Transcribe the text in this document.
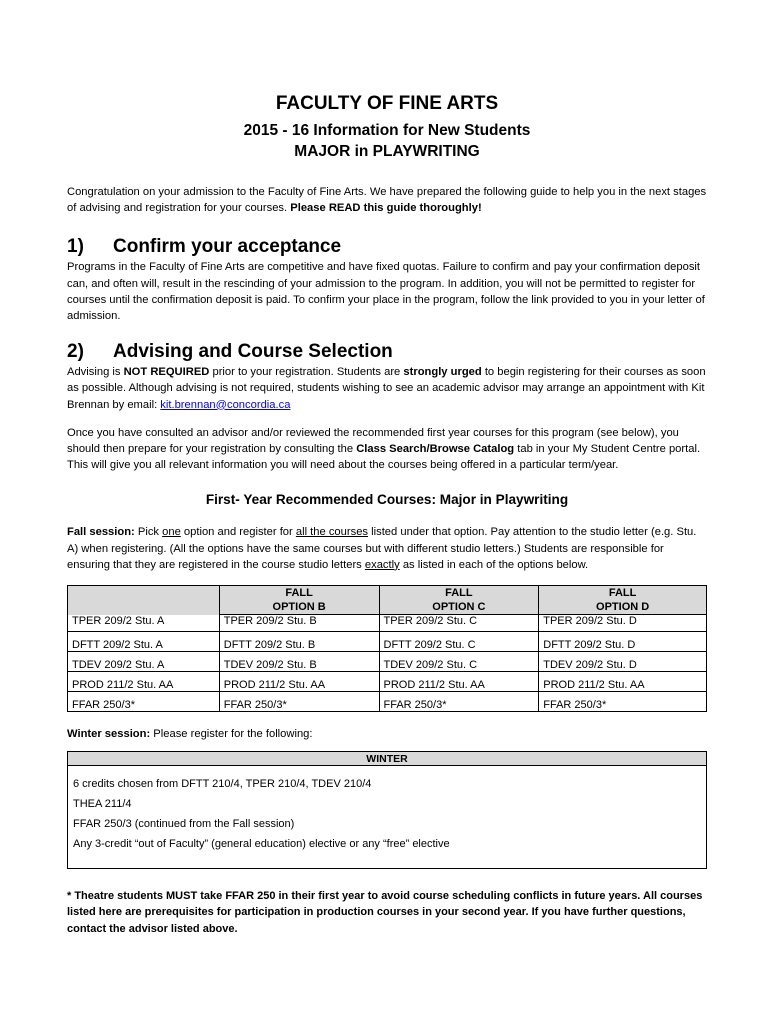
FACULTY OF FINE ARTS
2015 - 16 Information for New Students
MAJOR in PLAYWRITING

Congratulation on your admission to the Faculty of Fine Arts. We have prepared the following guide to help you in the next stages of advising and registration for your courses. Please READ this guide thoroughly!

1)	Confirm your acceptance

Programs in the Faculty of Fine Arts are competitive and have fixed quotas. Failure to confirm and pay your confirmation deposit can, and often will, result in the rescinding of your admission to the program. In addition, you will not be permitted to register for courses until the confirmation deposit is paid. To confirm your place in the program, follow the link provided to you in your letter of admission.

2)	Advising and Course Selection

Advising is NOT REQUIRED prior to your registration. Students are strongly urged to begin registering for their courses as soon as possible. Although advising is not required, students wishing to see an academic advisor may arrange an appointment with Kit Brennan by email: kit.brennan@concordia.ca

Once you have consulted an advisor and/or reviewed the recommended first year courses for this program (see below), you should then prepare for your registration by consulting the Class Search/Browse Catalog tab in your My Student Centre portal. This will give you all relevant information you will need about the courses being offered in a particular term/year.

First- Year Recommended Courses: Major in Playwriting

Fall session: Pick one option and register for all the courses listed under that option. Pay attention to the studio letter (e.g. Stu. A) when registering. (All the options have the same courses but with different studio letters.) Students are responsible for ensuring that they are registered in the course studio letters exactly as listed in each of the options below.

	FALL
OPTION B	FALL
OPTION C	FALL
OPTION D
TPER 209/2 Stu. A	TPER 209/2 Stu. B	TPER 209/2 Stu. C	TPER 209/2 Stu. D
DFTT 209/2 Stu. A	DFTT 209/2 Stu. B	DFTT 209/2 Stu. C	DFTT 209/2 Stu. D
TDEV 209/2 Stu. A	TDEV 209/2 Stu. B	TDEV 209/2 Stu. C	TDEV 209/2 Stu. D
PROD 211/2 Stu. AA	PROD 211/2 Stu. AA	PROD 211/2 Stu. AA	PROD 211/2 Stu. AA
FFAR 250/3*	FFAR 250/3*	FFAR 250/3*	FFAR 250/3*

Winter session: Please register for the following:

WINTER

6 credits chosen from DFTT 210/4, TPER 210/4, TDEV 210/4
THEA 211/4
FFAR 250/3 (continued from the Fall session)
Any 3-credit “out of Faculty” (general education) elective or any “free” elective

* Theatre students MUST take FFAR 250 in their first year to avoid course scheduling conflicts in future years. All courses listed here are prerequisites for participation in production courses in your second year. If you have further questions, contact the advisor listed above.
